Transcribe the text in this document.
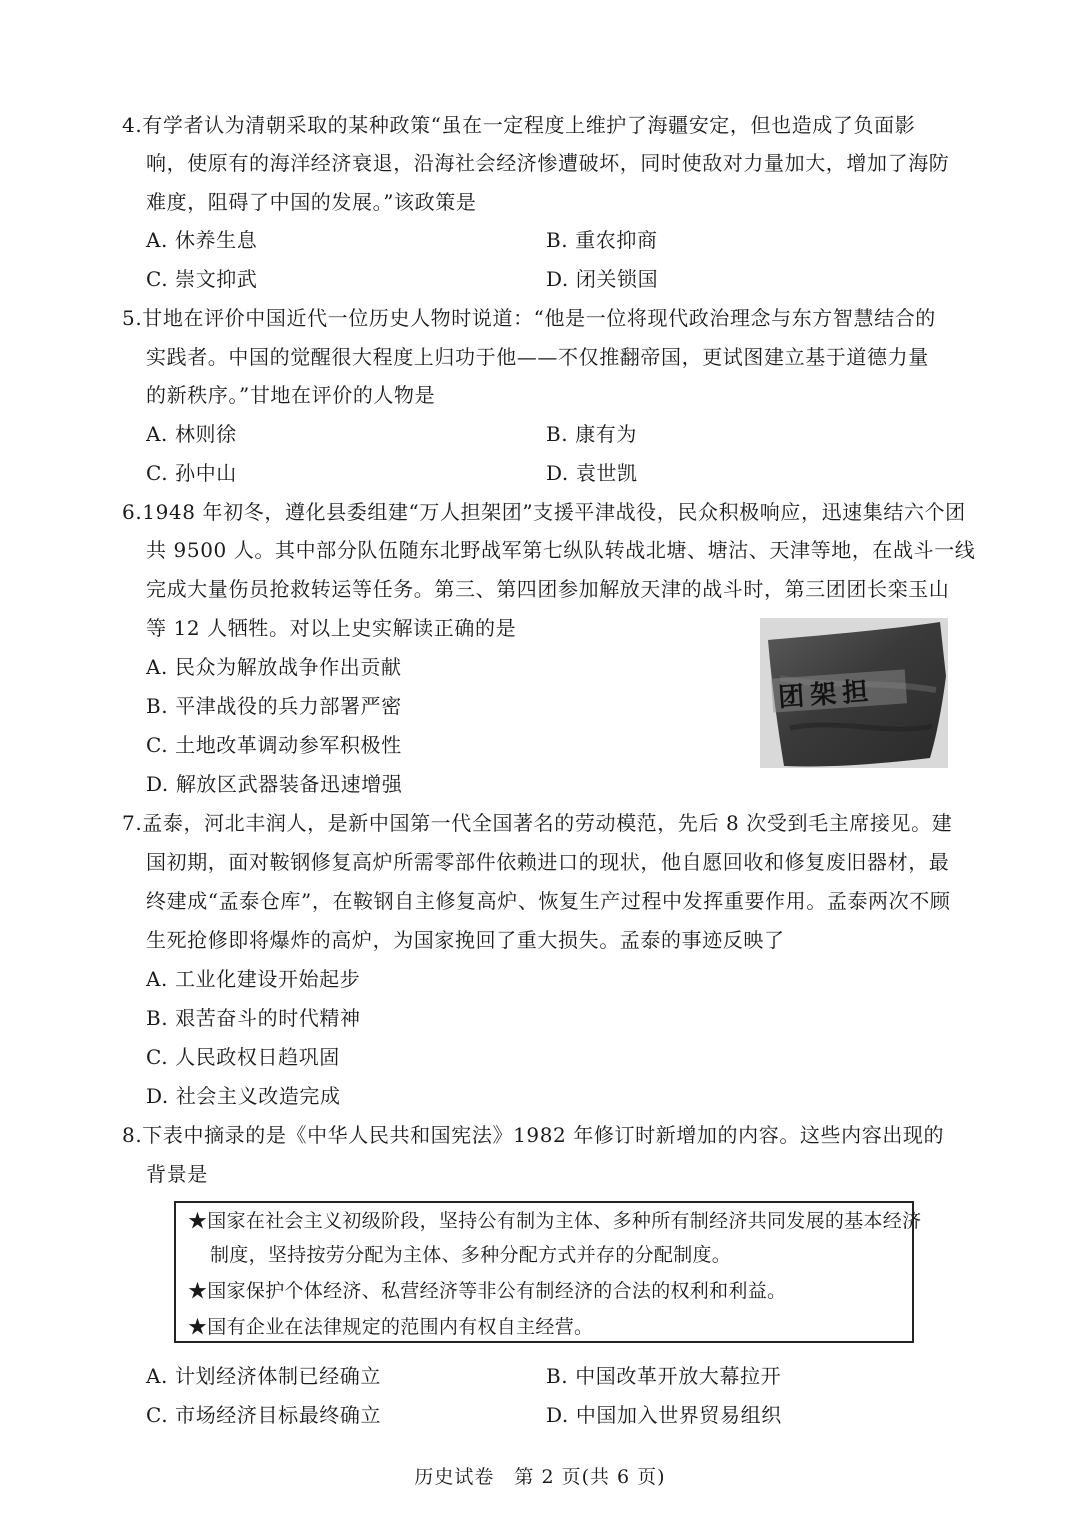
4.有学者认为清朝采取的某种政策“虽在一定程度上维护了海疆安定，但也造成了负面影
响，使原有的海洋经济衰退，沿海社会经济惨遭破坏，同时使敌对力量加大，增加了海防
难度，阻碍了中国的发展。”该政策是
A. 休养生息	B. 重农抑商
C. 崇文抑武	D. 闭关锁国
5.甘地在评价中国近代一位历史人物时说道：“他是一位将现代政治理念与东方智慧结合的
实践者。中国的觉醒很大程度上归功于他——不仅推翻帝国，更试图建立基于道德力量
的新秩序。”甘地在评价的人物是
A. 林则徐	B. 康有为
C. 孙中山	D. 袁世凯
6.1948 年初冬，遵化县委组建“万人担架团”支援平津战役，民众积极响应，迅速集结六个团
共 9500 人。其中部分队伍随东北野战军第七纵队转战北塘、塘沽、天津等地，在战斗一线
完成大量伤员抢救转运等任务。第三、第四团参加解放天津的战斗时，第三团团长栾玉山
等 12 人牺牲。对以上史实解读正确的是
A. 民众为解放战争作出贡献
B. 平津战役的兵力部署严密
C. 土地改革调动参军积极性
D. 解放区武器装备迅速增强
团架担
7.孟泰，河北丰润人，是新中国第一代全国著名的劳动模范，先后 8 次受到毛主席接见。建
国初期，面对鞍钢修复高炉所需零部件依赖进口的现状，他自愿回收和修复废旧器材，最
终建成“孟泰仓库”，在鞍钢自主修复高炉、恢复生产过程中发挥重要作用。孟泰两次不顾
生死抢修即将爆炸的高炉，为国家挽回了重大损失。孟泰的事迹反映了
A. 工业化建设开始起步
B. 艰苦奋斗的时代精神
C. 人民政权日趋巩固
D. 社会主义改造完成
8.下表中摘录的是《中华人民共和国宪法》1982 年修订时新增加的内容。这些内容出现的
背景是
★国家在社会主义初级阶段，坚持公有制为主体、多种所有制经济共同发展的基本经济
制度，坚持按劳分配为主体、多种分配方式并存的分配制度。
★国家保护个体经济、私营经济等非公有制经济的合法的权利和利益。
★国有企业在法律规定的范围内有权自主经营。
A. 计划经济体制已经确立	B. 中国改革开放大幕拉开
C. 市场经济目标最终确立	D. 中国加入世界贸易组织
历史试卷　第 2 页(共 6 页)
